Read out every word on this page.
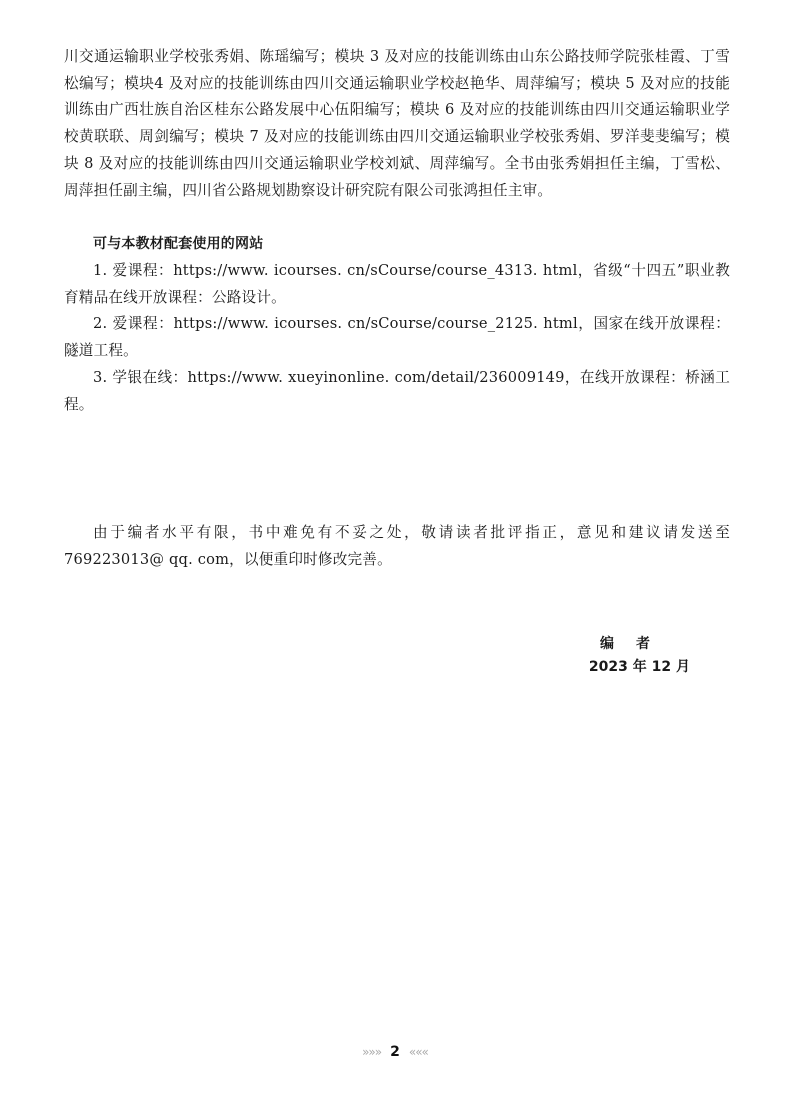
川交通运输职业学校张秀娟、陈瑶编写；模块 3 及对应的技能训练由山东公路技师学院张桂霞、丁雪松编写；模块4 及对应的技能训练由四川交通运输职业学校赵艳华、周萍编写；模块 5 及对应的技能训练由广西壮族自治区桂东公路发展中心伍阳编写；模块 6 及对应的技能训练由四川交通运输职业学校黄联联、周剑编写；模块 7 及对应的技能训练由四川交通运输职业学校张秀娟、罗洋斐斐编写；模块 8 及对应的技能训练由四川交通运输职业学校刘斌、周萍编写。全书由张秀娟担任主编，丁雪松、周萍担任副主编，四川省公路规划勘察设计研究院有限公司张鸿担任主审。

可与本教材配套使用的网站

1. 爱课程：https://www. icourses. cn/sCourse/course_4313. html，省级“十四五”职业教育精品在线开放课程：公路设计。

2. 爱课程：https://www. icourses. cn/sCourse/course_2125. html，国家在线开放课程：隧道工程。

3. 学银在线：https://www. xueyinonline. com/detail/236009149，在线开放课程：桥涵工程。

由于编者水平有限，书中难免有不妥之处，敬请读者批评指正，意见和建议请发送至 769223013@ qq. com，以便重印时修改完善。

编者

2023 年 12 月

»»» 2 «««
